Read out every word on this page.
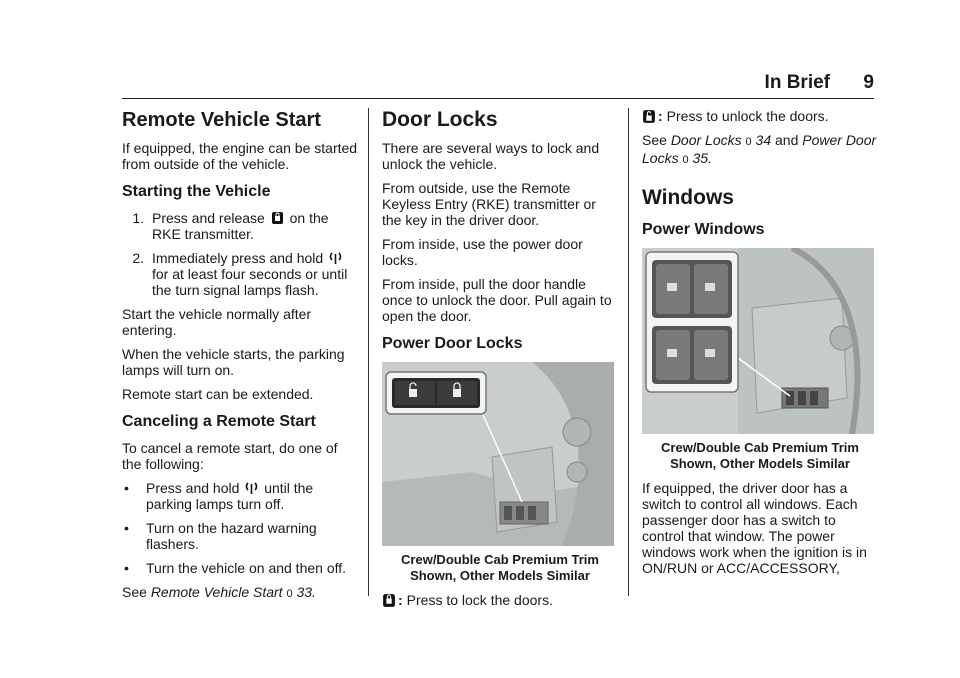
In Brief 9
Remote Vehicle Start

If equipped, the engine can be started from outside of the vehicle.

Starting the Vehicle
1. Press and release on the RKE transmitter.
2. Immediately press and hold  for at least four seconds or until the turn signal lamps flash.

Start the vehicle normally after entering.

When the vehicle starts, the parking lamps will turn on.

Remote start can be extended.

Canceling a Remote Start

To cancel a remote start, do one of the following:

•	Press and hold until the parking lamps turn off.
•	Turn on the hazard warning flashers.
•	Turn the vehicle on and then off.

See Remote Vehicle Start 0 33.

Door Locks

There are several ways to lock and unlock the vehicle.

From outside, use the Remote Keyless Entry (RKE) transmitter or the key in the driver door.

From inside, use the power door locks.

From inside, pull the door handle once to unlock the door. Pull again to open the door.

Power Door Locks
Crew/Double Cab Premium Trim
Shown, Other Models Similar
: Press to lock the doors.
: Press to unlock the doors.

See Door Locks 0 34 and Power Door Locks 0 35.

Windows
Power Windows
Crew/Double Cab Premium Trim
Shown, Other Models Similar

If equipped, the driver door has a switch to control all windows. Each passenger door has a switch to control that window. The power windows work when the ignition is in ON/RUN or ACC/ACCESSORY,
